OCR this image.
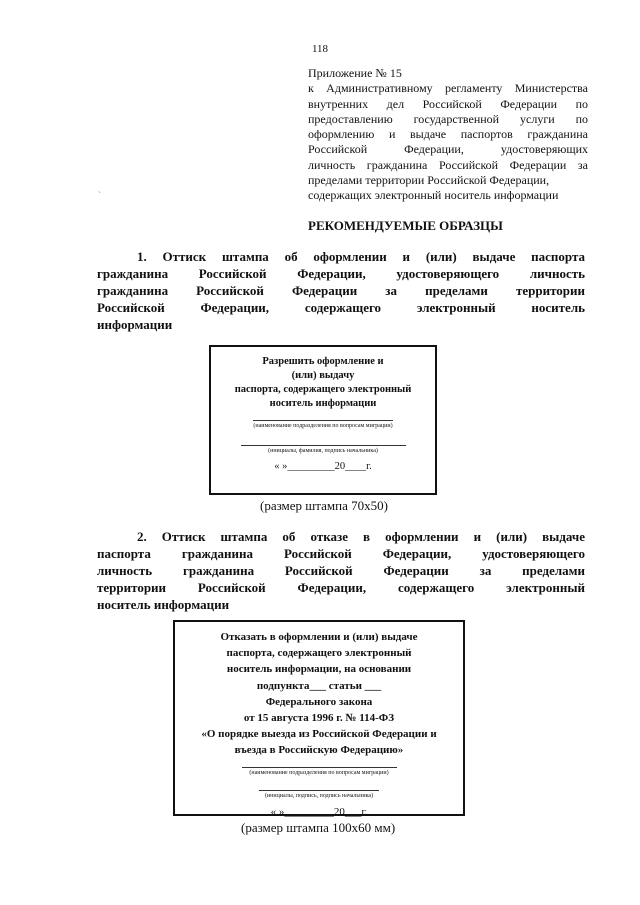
118
ˏ
Приложение № 15
к Административному регламенту Министерства
внутренних дел Российской Федерации по
предоставлению государственной услуги по
оформлению и выдаче паспортов гражданина
Российской Федерации, удостоверяющих
личность гражданина Российской Федерации за
пределами территории Российской Федерации,
содержащих электронный носитель информации
РЕКОМЕНДУЕМЫЕ ОБРАЗЦЫ
1. Оттиск штампа об оформлении и (или) выдаче паспорта
гражданина Российской Федерации, удостоверяющего личность
гражданина Российской Федерации за пределами территории
Российской Федерации, содержащего электронный носитель
информации
Разрешить оформление и
(или) выдачу
паспорта, содержащего электронный
носитель информации
(наименование подразделения по вопросам миграции)
(инициалы, фамилия, подпись начальника)
« »_________20____г.
(размер штампа 70х50)
2. Оттиск штампа об отказе в оформлении и (или) выдаче
паспорта гражданина Российской Федерации, удостоверяющего
личность гражданина Российской Федерации за пределами
территории Российской Федерации, содержащего электронный
носитель информации
Отказать в оформлении и (или) выдаче
паспорта, содержащего электронный
носитель информации, на основании
подпункта___ статьи ___
Федерального закона
от 15 августа 1996 г. № 114-ФЗ
«О порядке выезда из Российской Федерации и
въезда в Российскую Федерацию»
(наименование подразделения по вопросам миграции)
(инициалы, подпись, подпись начальника)
« »_________20___г.
(размер штампа 100х60 мм)
